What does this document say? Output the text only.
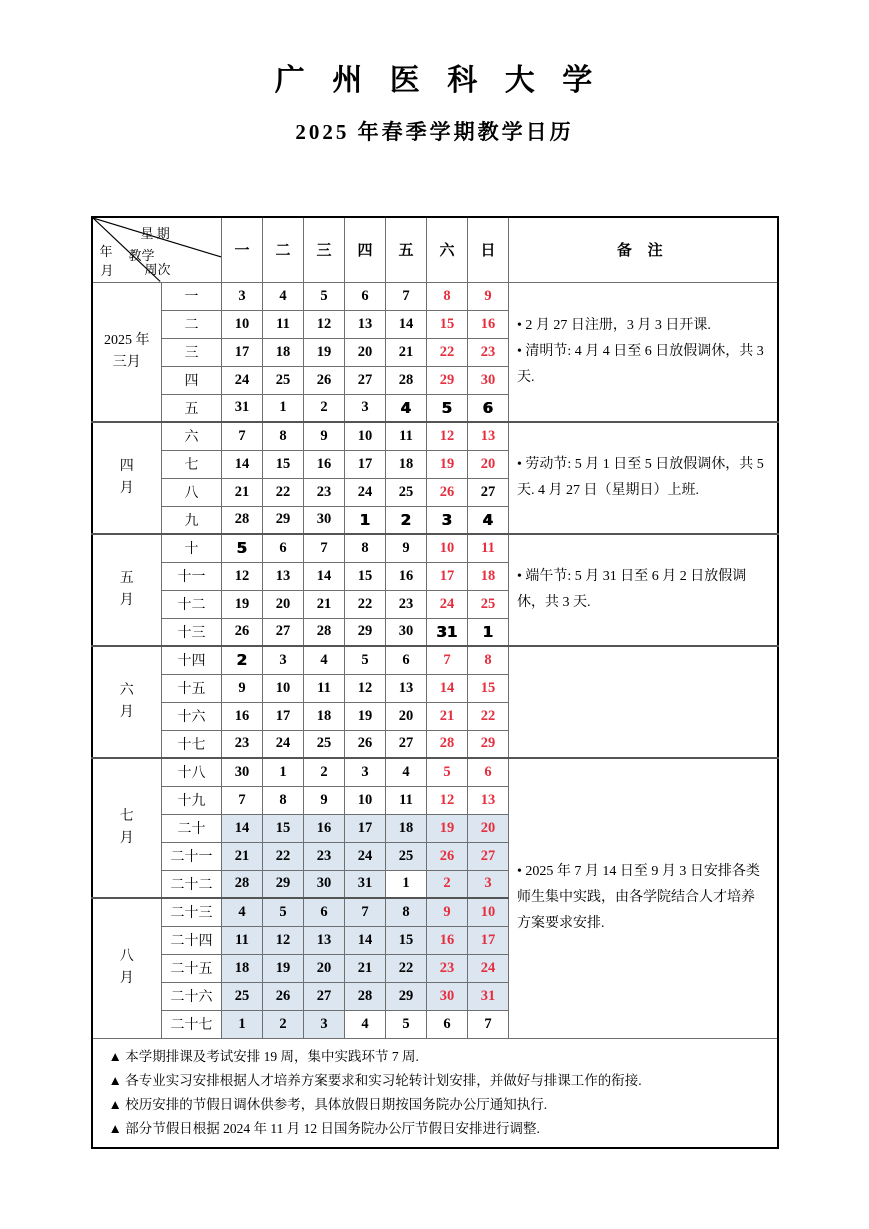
广 州 医 科 大 学
2025 年春季学期教学日历
星 期
年 教学
月 周次		一	二	三	四	五	六	日	备 注

2025 年
三月
	一	3	4	5	6	7	8	9	
• 2 月 27 日注册，3 月 3 日开课.
• 清明节: 4 月 4 日至 6 日放假调休，共 3 天.

	二	10	11	12	13	14	15	16	
	三	17	18	19	20	21	22	23	
	四	24	25	26	27	28	29	30	
	五	31	1	2	3	4	5	6	

四
月	六	7	8	9	10	11	12	13	• 劳动节: 5 月 1 日至 5 日放假调休，共 5 天. 4 月 27 日（星期日）上班.

	七	14	15	16	17	18	19	20	
	八	21	22	23	24	25	26	27	
	九	28	29	30	1	2	3	4	

五
月	十	5	6	7	8	9	10	11	• 端午节: 5 月 31 日至 6 月 2 日放假调休，共 3 天.

	十一	12	13	14	15	16	17	18	
	十二	19	20	21	22	23	24	25	
	十三	26	27	28	29	30	31	1	

六
月	十四	2	3	4	5	6	7	8	
	十五	9	10	11	12	13	14	15	
	十六	16	17	18	19	20	21	22	
	十七	23	24	25	26	27	28	29	

七
月	十八	30	1	2	3	4	5	6	• 2025 年 7 月 14 日至 9 月 3 日安排各类师生集中实践，由各学院结合人才培养方案要求安排.

	十九	7	8	9	10	11	12	13	
	二十	14	15	16	17	18	19	20	
	二十一	21	22	23	24	25	26	27	
	二十二	28	29	30	31	1	2	3	

八
月	二十三	4	5	6	7	8	9	10	
	二十四	11	12	13	14	15	16	17	
	二十五	18	19	20	21	22	23	24	
	二十六	25	26	27	28	29	30	31	
	二十七	1	2	3	4	5	6	7	

▲ 本学期排课及考试安排 19 周，集中实践环节 7 周.
▲ 各专业实习安排根据人才培养方案要求和实习轮转计划安排，并做好与排课工作的衔接.
▲ 校历安排的节假日调休供参考，具体放假日期按国务院办公厅通知执行.
▲ 部分节假日根据 2024 年 11 月 12 日国务院办公厅节假日安排进行调整.									
